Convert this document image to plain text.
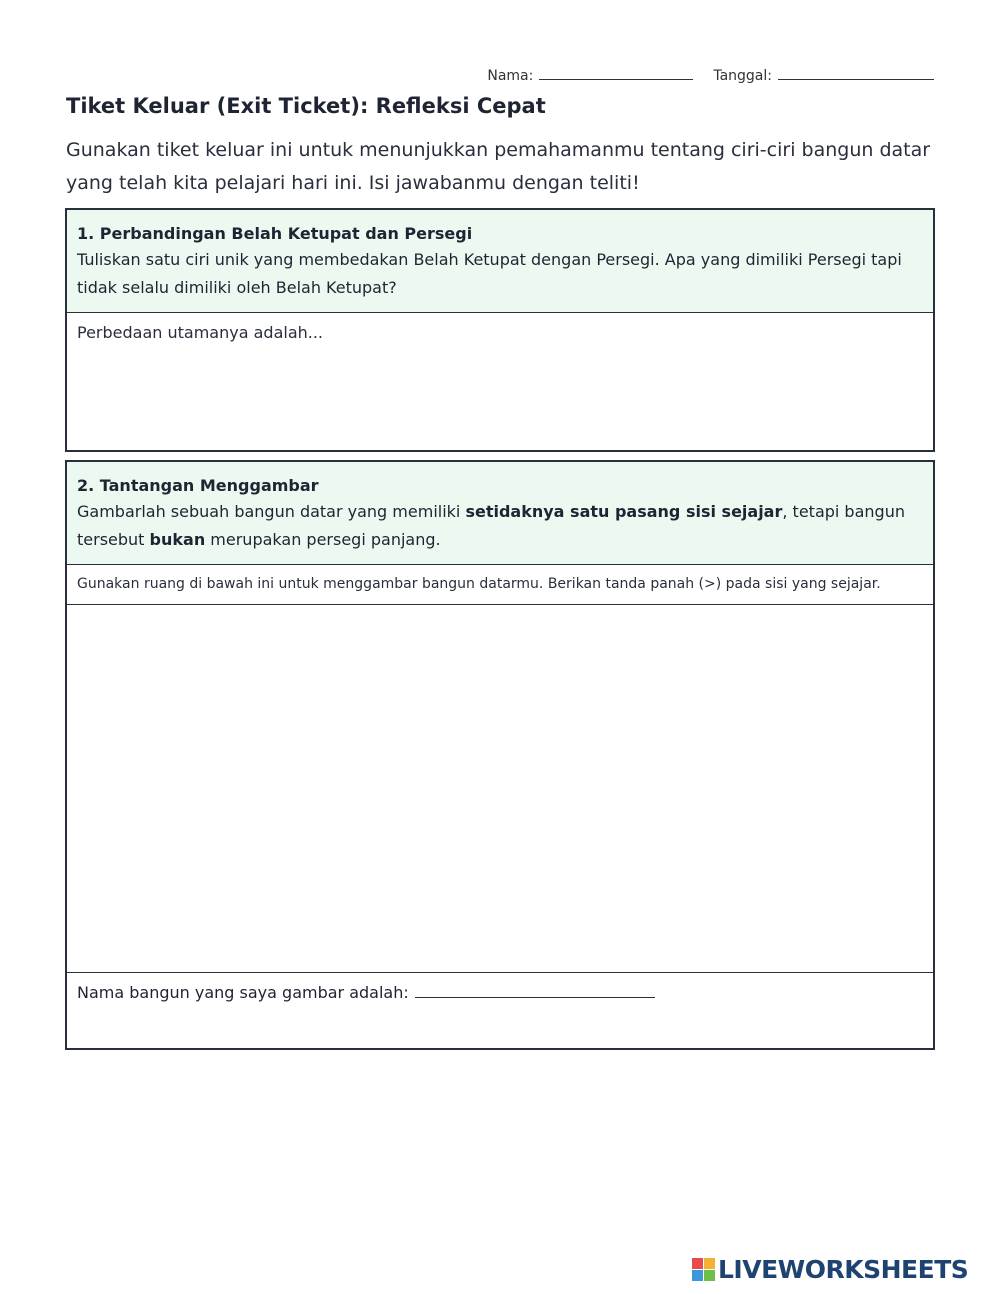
Nama:	Tanggal:
Tiket Keluar (Exit Ticket): Refleksi Cepat

Gunakan tiket keluar ini untuk menunjukkan pemahamanmu tentang ciri-ciri bangun datar yang telah kita pelajari hari ini. Isi jawabanmu dengan teliti!

1. Perbandingan Belah Ketupat dan Persegi
Tuliskan satu ciri unik yang membedakan Belah Ketupat dengan Persegi. Apa yang dimiliki Persegi tapi tidak selalu dimiliki oleh Belah Ketupat?
Perbedaan utamanya adalah...
2. Tantangan Menggambar
Gambarlah sebuah bangun datar yang memiliki setidaknya satu pasang sisi sejajar, tetapi bangun tersebut bukan merupakan persegi panjang.
Gunakan ruang di bawah ini untuk menggambar bangun datarmu. Berikan tanda panah (>) pada sisi yang sejajar.
Nama bangun yang saya gambar adalah:
LIVEWORKSHEETS
